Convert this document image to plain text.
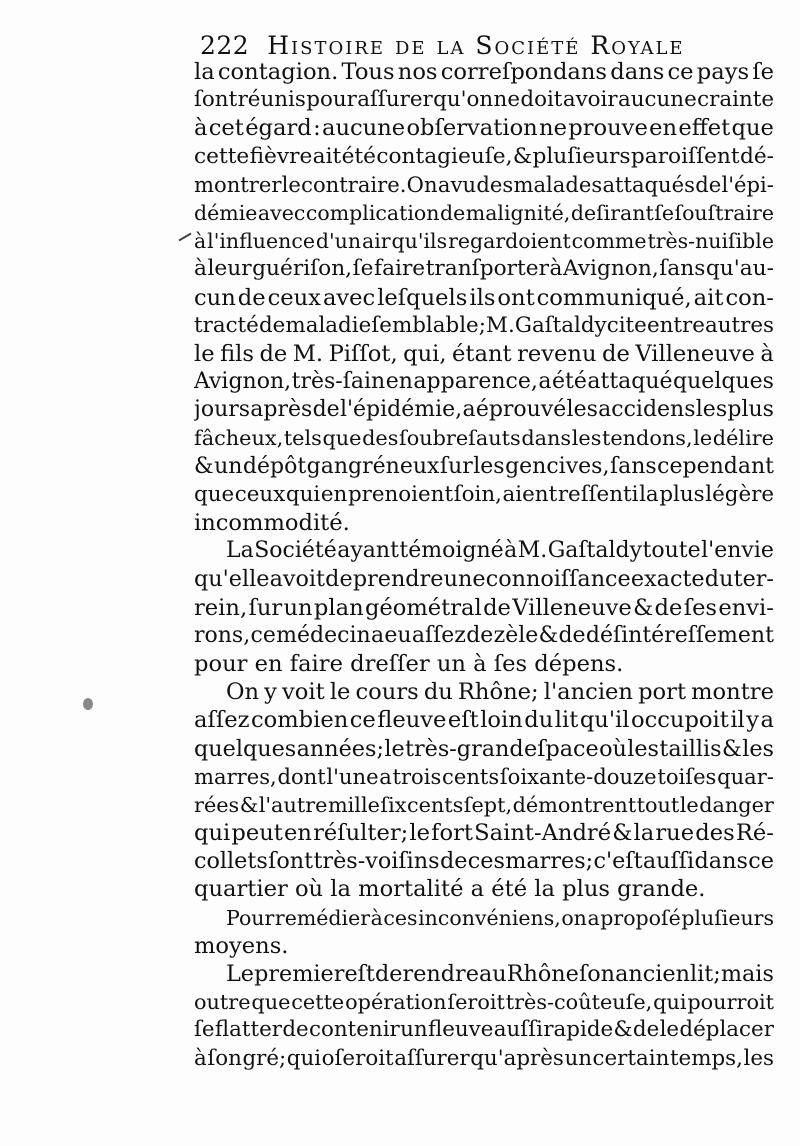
222 Histoire de la Société Royale
la contagion. Tous nos correſpondans dans ce pays ſe
ſont réunis pour aſſurer qu'on ne doit avoir aucune crainte
à cet égard : aucune obſervation ne prouve en effet que
cette fièvre ait été contagieuſe, & pluſieurs paroiſſent dé-
montrer le contraire. On a vu des malades attaqués de l'épi-
démie avec complication de malignité, deſirant ſe ſouſtraire
à l'influence d'un air qu'ils regardoient comme très-nuiſible
à leur guériſon, ſe faire tranſporter à Avignon, ſans qu'au-
cun de ceux avec leſquels ils ont communiqué, ait con-
tracté de maladie ſemblable; M. Gaſtaldy cite entre autres
le fils de M. Piſſot, qui, étant revenu de Villeneuve à
Avignon, très-ſain en apparence, a été attaqué quelques
jours après de l'épidémie, a éprouvé les accidens les plus
fâcheux, tels que des ſoubreſauts dans les tendons, le délire
& un dépôt gangréneux ſur les gencives, ſans cependant
que ceux qui en prenoient ſoin, aient reſſenti la plus légère
incommodité.
La Société ayant témoigné à M. Gaſtaldy toute l'envie
qu'elle avoit de prendre une connoiſſance exacte du ter-
rein, ſur un plan géométral de Villeneuve & de ſes envi-
rons, ce médecin a eu aſſez de zèle & de déſintéreſſement
pour en faire dreſſer un à ſes dépens.
On y voit le cours du Rhône; l'ancien port montre
aſſez combien ce fleuve eſt loin du lit qu'il occupoit il y a
quelques années; le très-grand eſpace où les taillis & les
marres, dont l'une a trois cents ſoixante-douze toiſes quar-
rées & l'autre mille ſix cents ſept, démontrent tout le danger
qui peut en réſulter; le fort Saint-André & la rue des Ré-
collets ſont très-voiſins de ces marres; c'eſt auſſi dans ce
quartier où la mortalité a été la plus grande.
Pour remédier à ces inconvéniens, on a propoſé pluſieurs
moyens.
Le premier eſt de rendre au Rhône ſon ancien lit; mais
outre que cette opération ſeroit très-coûteuſe, qui pourroit
ſe flatter de contenir un fleuve auſſi rapide & de le déplacer
à ſon gré; qui oſeroit aſſurer qu'après un certain temps, les
